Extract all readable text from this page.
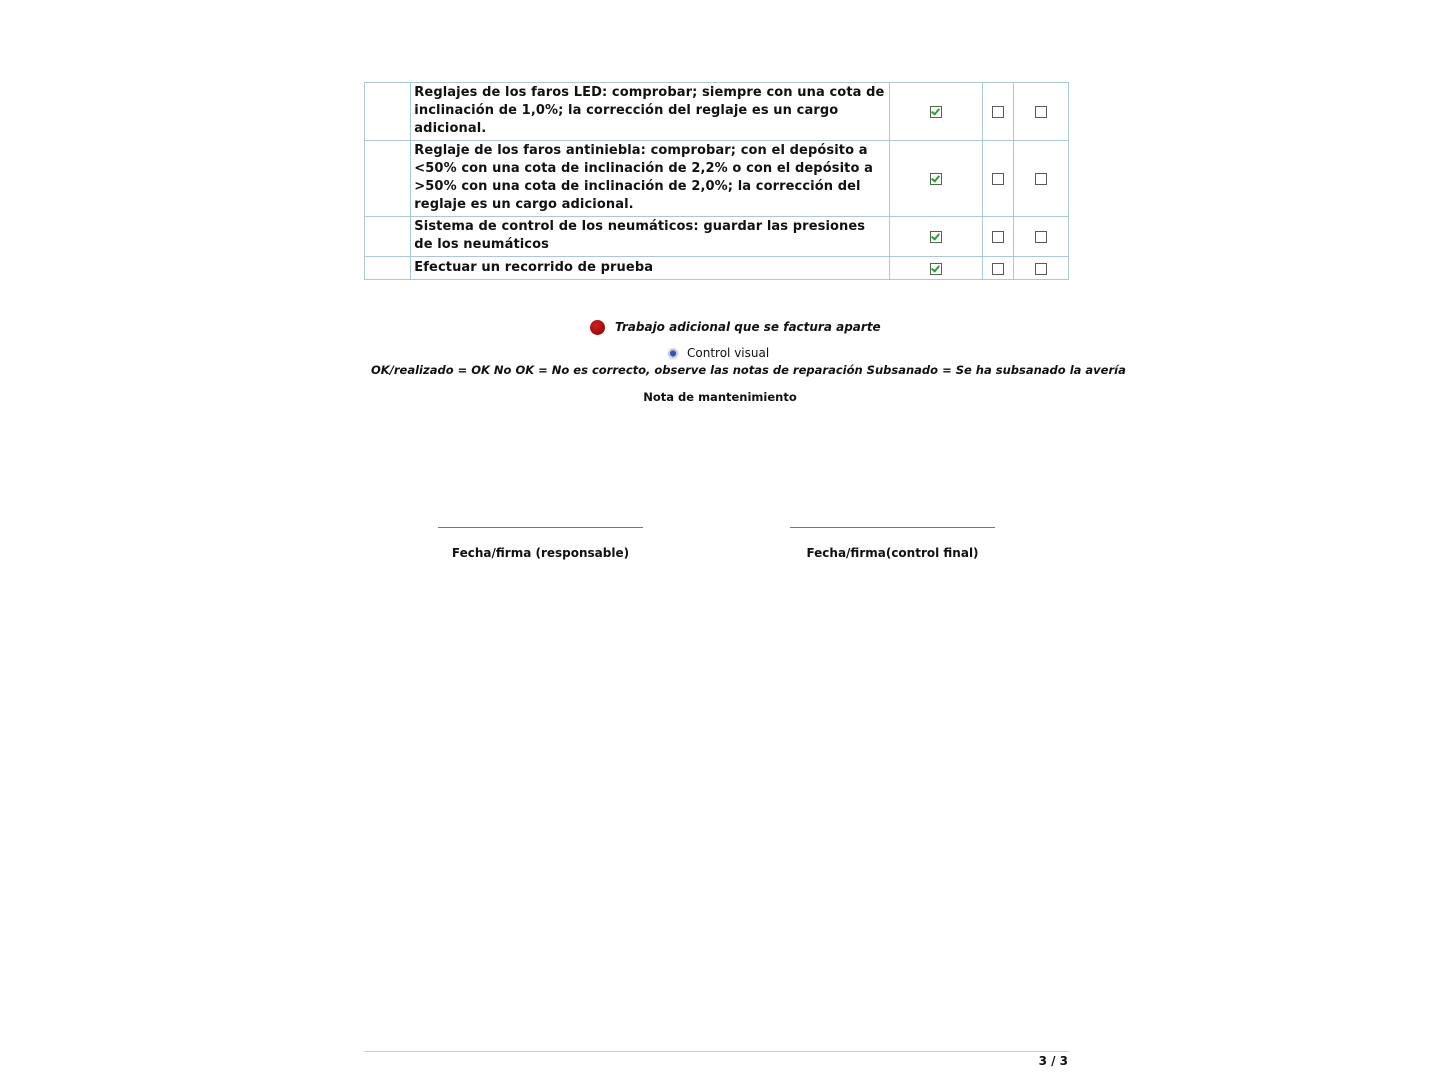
	Reglajes de los faros LED: comprobar; siempre con una cota de inclinación de 1,0%; la corrección del reglaje es un cargo adicional.			
	Reglaje de los faros antiniebla: comprobar; con el depósito a <50% con una cota de inclinación de 2,2% o con el depósito a >50% con una cota de inclinación de 2,0%; la corrección del reglaje es un cargo adicional.			
	Sistema de control de los neumáticos: guardar las presiones de los neumáticos			
	Efectuar un recorrido de prueba			
Trabajo adicional que se factura aparte
Control visual
OK/realizado = OK No OK = No es correcto, observe las notas de reparación Subsanado = Se ha subsanado la avería
Nota de mantenimiento
Fecha/firma (responsable)	Fecha/firma(control final)
3 / 3
